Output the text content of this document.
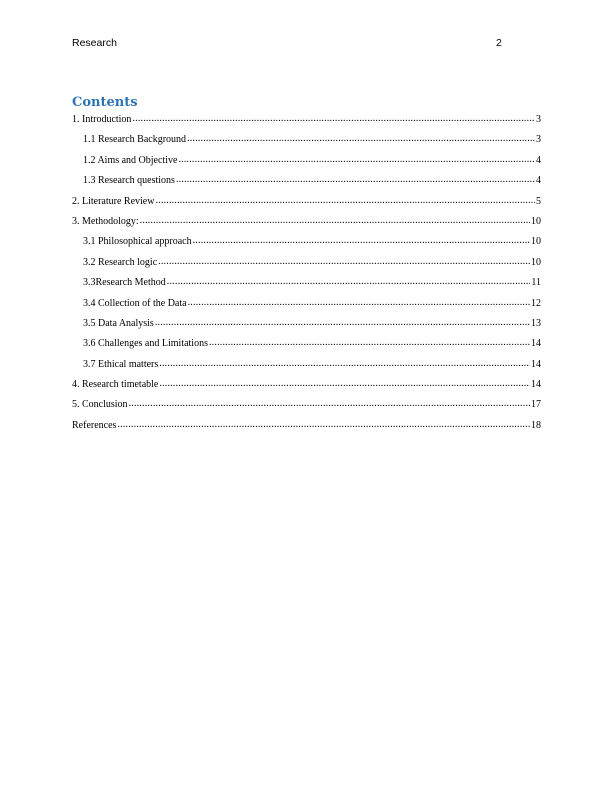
Research	2
Contents
1. Introduction .....	3
1.1 Research Background .....	3
1.2 Aims and Objective .....	4
1.3 Research questions .....	4
2. Literature Review .....	5
3. Methodology: .....	10
3.1 Philosophical approach .....	10
3.2 Research logic .....	10
3.3Research Method .....	11
3.4 Collection of the Data .....	12
3.5 Data Analysis .....	13
3.6 Challenges and Limitations .....	14
3.7 Ethical matters .....	14
4. Research timetable .....	14
5. Conclusion .....	17
References .....	18
